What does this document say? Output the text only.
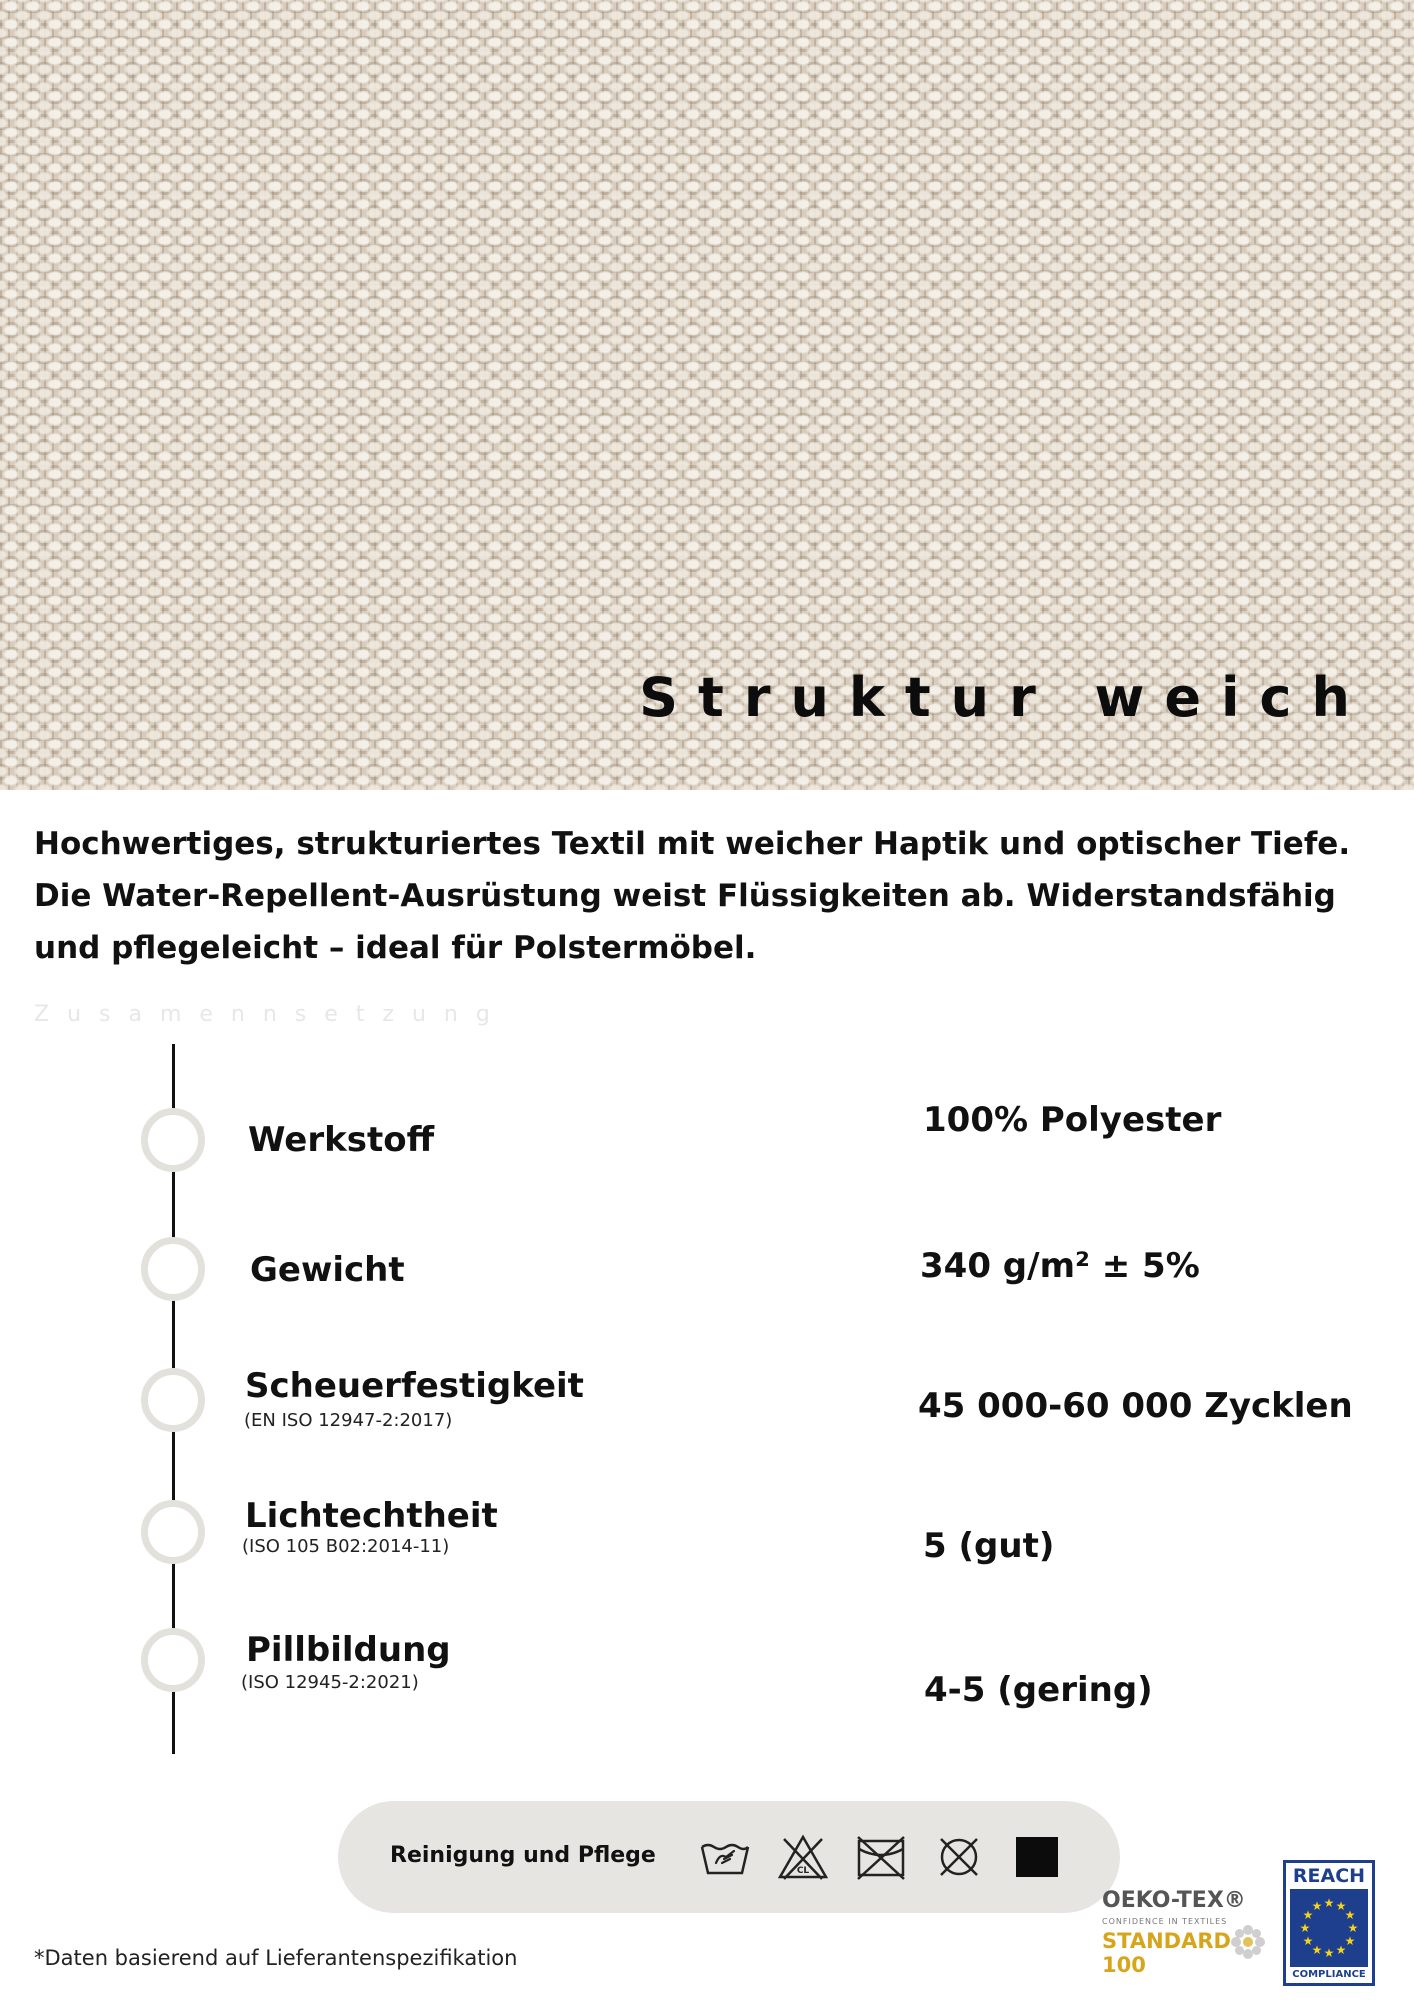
Struktur weich
Hochwertiges, strukturiertes Textil mit weicher Haptik und optischer Tiefe.
Die Water-Repellent-Ausrüstung weist Flüssigkeiten ab. Widerstandsfähig
und pflegeleicht – ideal für Polstermöbel.
Zusamennsetzung
Werkstoff	100% Polyester
Gewicht	340 g/m² ± 5%
Scheuerfestigkeit
(EN ISO 12947-2:2017)	45 000-60 000 Zycklen
Lichtechtheit
(ISO 105 B02:2014-11)	5 (gut)
Pillbildung
(ISO 12945-2:2021)	4-5 (gering)
Reinigung und Pflege
CL
*Daten basierend auf Lieferantenspezifikation
OEKO-TEX®
CONFIDENCE IN TEXTILES
STANDARD 100
REACH
★ ★
★
★
★
★
★
★
★
★
★
★
COMPLIANCE
